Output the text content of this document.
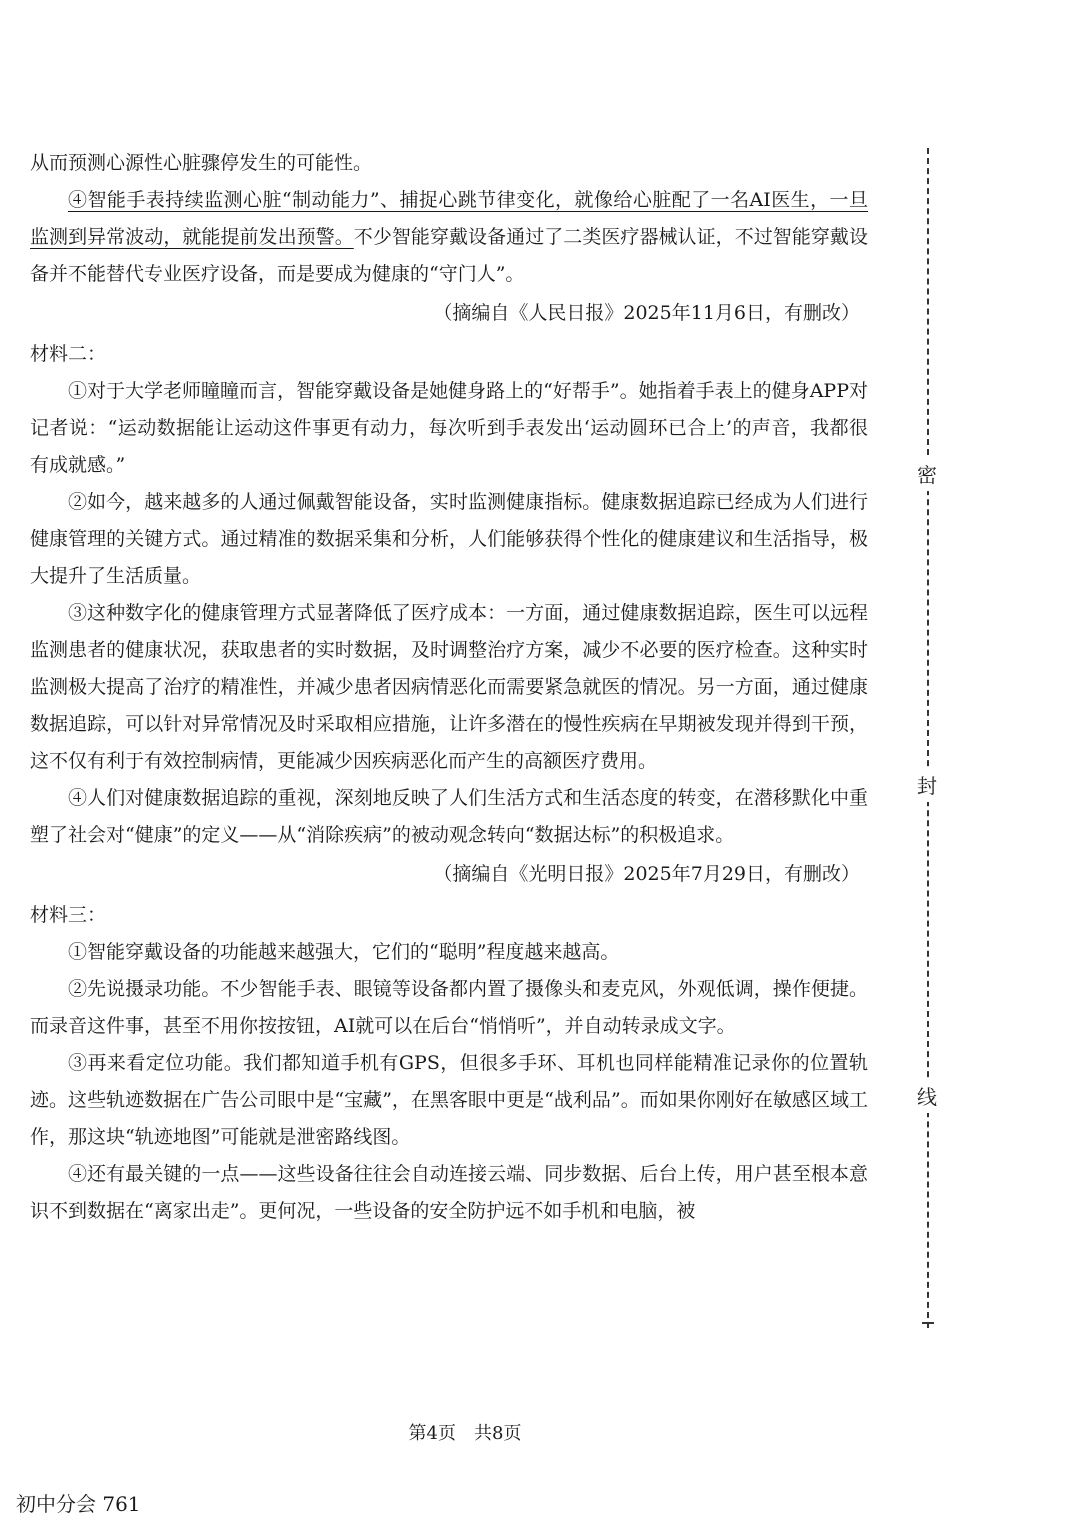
从而预测心源性心脏骤停发生的可能性。

④智能手表持续监测心脏“制动能力”、捕捉心跳节律变化，就像给心脏配了一名AI医生，一旦监测到异常波动，就能提前发出预警。不少智能穿戴设备通过了二类医疗器械认证，不过智能穿戴设备并不能替代专业医疗设备，而是要成为健康的“守门人”。

（摘编自《人民日报》2025年11月6日，有删改）

材料二：

①对于大学老师瞳瞳而言，智能穿戴设备是她健身路上的“好帮手”。她指着手表上的健身APP对记者说：“运动数据能让运动这件事更有动力，每次听到手表发出‘运动圆环已合上’的声音，我都很有成就感。”

②如今，越来越多的人通过佩戴智能设备，实时监测健康指标。健康数据追踪已经成为人们进行健康管理的关键方式。通过精准的数据采集和分析，人们能够获得个性化的健康建议和生活指导，极大提升了生活质量。

③这种数字化的健康管理方式显著降低了医疗成本：一方面，通过健康数据追踪，医生可以远程监测患者的健康状况，获取患者的实时数据，及时调整治疗方案，减少不必要的医疗检查。这种实时监测极大提高了治疗的精准性，并减少患者因病情恶化而需要紧急就医的情况。另一方面，通过健康数据追踪，可以针对异常情况及时采取相应措施，让许多潜在的慢性疾病在早期被发现并得到干预，这不仅有利于有效控制病情，更能减少因疾病恶化而产生的高额医疗费用。

④人们对健康数据追踪的重视，深刻地反映了人们生活方式和生活态度的转变，在潜移默化中重塑了社会对“健康”的定义——从“消除疾病”的被动观念转向“数据达标”的积极追求。

（摘编自《光明日报》2025年7月29日，有删改）

材料三：

①智能穿戴设备的功能越来越强大，它们的“聪明”程度越来越高。

②先说摄录功能。不少智能手表、眼镜等设备都内置了摄像头和麦克风，外观低调，操作便捷。而录音这件事，甚至不用你按按钮，AI就可以在后台“悄悄听”，并自动转录成文字。

③再来看定位功能。我们都知道手机有GPS，但很多手环、耳机也同样能精准记录你的位置轨迹。这些轨迹数据在广告公司眼中是“宝藏”，在黑客眼中更是“战利品”。而如果你刚好在敏感区域工作，那这块“轨迹地图”可能就是泄密路线图。

④还有最关键的一点——这些设备往往会自动连接云端、同步数据、后台上传，用户甚至根本意识不到数据在“离家出走”。更何况，一些设备的安全防护远不如手机和电脑，被

密
封
线
第4页　共8页
初中分会 761
